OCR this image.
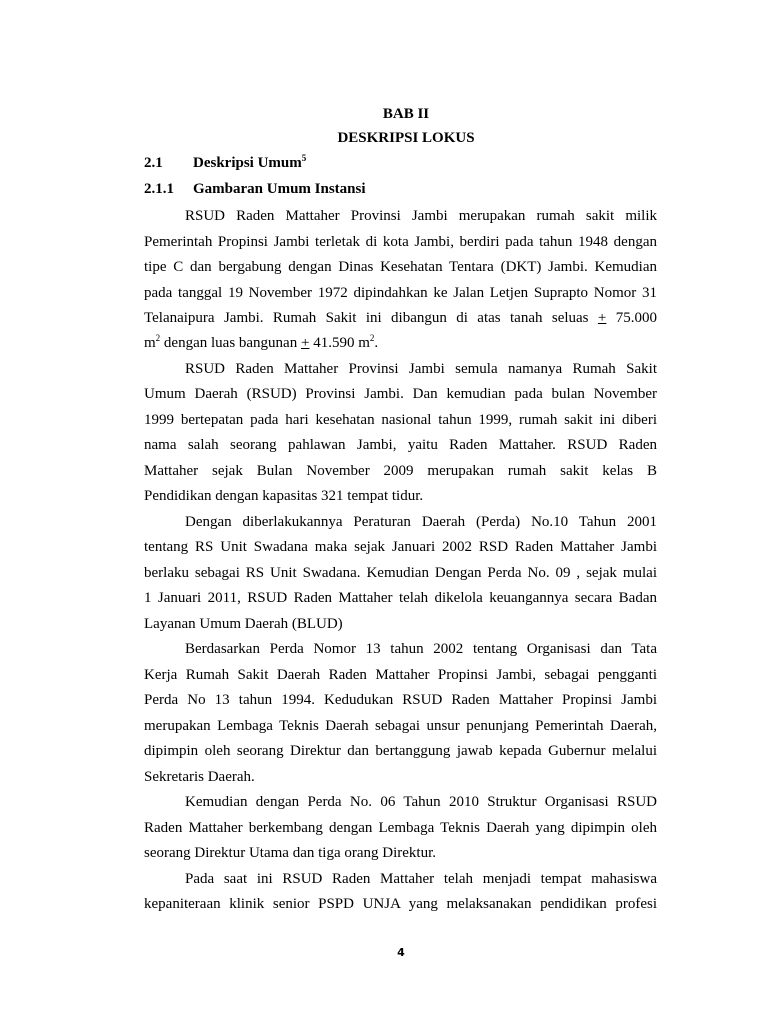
BAB II
DESKRIPSI LOKUS
2.1 Deskripsi Umum$^5$
2.1.1 Gambaran Umum Instansi
RSUD Raden Mattaher Provinsi Jambi merupakan rumah sakit milik
Pemerintah Propinsi Jambi terletak di kota Jambi, berdiri pada tahun 1948 dengan
tipe C dan bergabung dengan Dinas Kesehatan Tentara (DKT) Jambi. Kemudian
pada tanggal 19 November 1972 dipindahkan ke Jalan Letjen Suprapto Nomor 31
Telanaipura Jambi. Rumah Sakit ini dibangun di atas tanah seluas + 75.000
$m^2$ dengan luas bangunan + 41.590 $m^2$.
RSUD Raden Mattaher Provinsi Jambi semula namanya Rumah Sakit
Umum Daerah (RSUD) Provinsi Jambi. Dan kemudian pada bulan November
1999 bertepatan pada hari kesehatan nasional tahun 1999, rumah sakit ini diberi
nama salah seorang pahlawan Jambi, yaitu Raden Mattaher. RSUD Raden
Mattaher sejak Bulan November 2009 merupakan rumah sakit kelas B
Pendidikan dengan kapasitas 321 tempat tidur.
Dengan diberlakukannya Peraturan Daerah (Perda) No.10 Tahun 2001
tentang RS Unit Swadana maka sejak Januari 2002 RSD Raden Mattaher Jambi
berlaku sebagai RS Unit Swadana. Kemudian Dengan Perda No. 09 , sejak mulai
1 Januari 2011, RSUD Raden Mattaher telah dikelola keuangannya secara Badan
Layanan Umum Daerah (BLUD)
Berdasarkan Perda Nomor 13 tahun 2002 tentang Organisasi dan Tata
Kerja Rumah Sakit Daerah Raden Mattaher Propinsi Jambi, sebagai pengganti
Perda No 13 tahun 1994. Kedudukan RSUD Raden Mattaher Propinsi Jambi
merupakan Lembaga Teknis Daerah sebagai unsur penunjang Pemerintah Daerah,
dipimpin oleh seorang Direktur dan bertanggung jawab kepada Gubernur melalui
Sekretaris Daerah.
Kemudian dengan Perda No. 06 Tahun 2010 Struktur Organisasi RSUD
Raden Mattaher berkembang dengan Lembaga Teknis Daerah yang dipimpin oleh
seorang Direktur Utama dan tiga orang Direktur.
Pada saat ini RSUD Raden Mattaher telah menjadi tempat mahasiswa
kepaniteraan klinik senior PSPD UNJA yang melaksanakan pendidikan profesi
4
